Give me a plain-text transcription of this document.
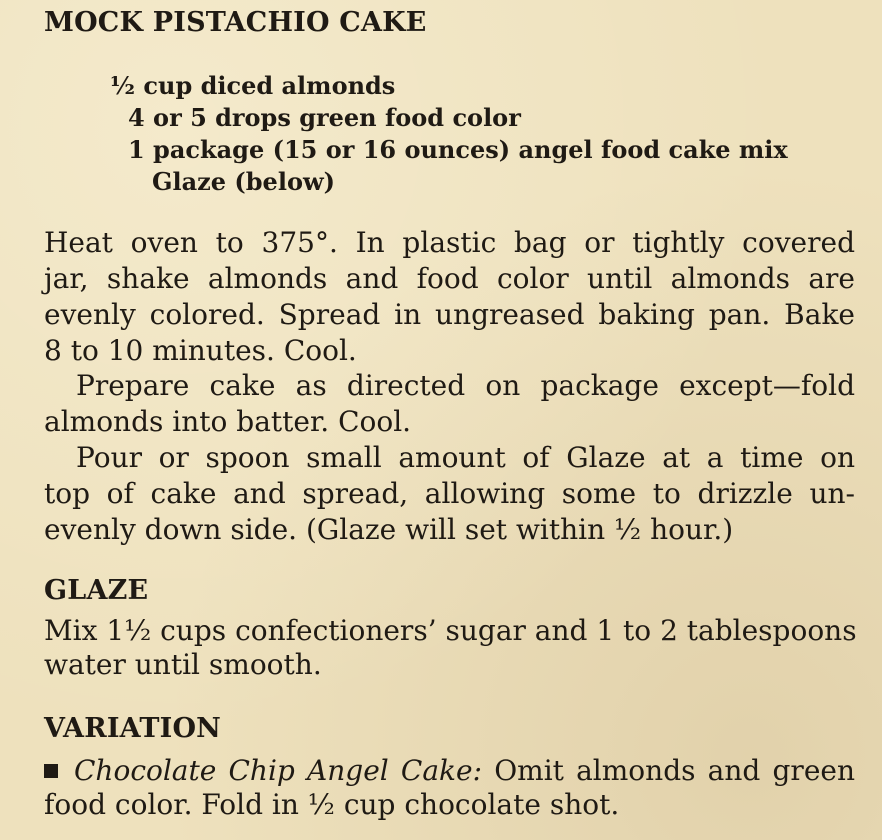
MOCK PISTACHIO CAKE
½ cup diced almonds
4 or 5 drops green food color
1 package (15 or 16 ounces) angel food cake mix
Glaze (below)
Heat oven to 375°. In plastic bag or tightly covered
jar, shake almonds and food color until almonds are
evenly colored. Spread in ungreased baking pan. Bake
8 to 10 minutes. Cool.
Prepare cake as directed on package except—fold
almonds into batter. Cool.
Pour or spoon small amount of Glaze at a time on
top of cake and spread, allowing some to drizzle un-
evenly down side. (Glaze will set within ½ hour.)
GLAZE
Mix 1½ cups confectioners’ sugar and 1 to 2 tablespoons
water until smooth.
VARIATION
Chocolate Chip Angel Cake: Omit almonds and green
food color. Fold in ½ cup chocolate shot.
